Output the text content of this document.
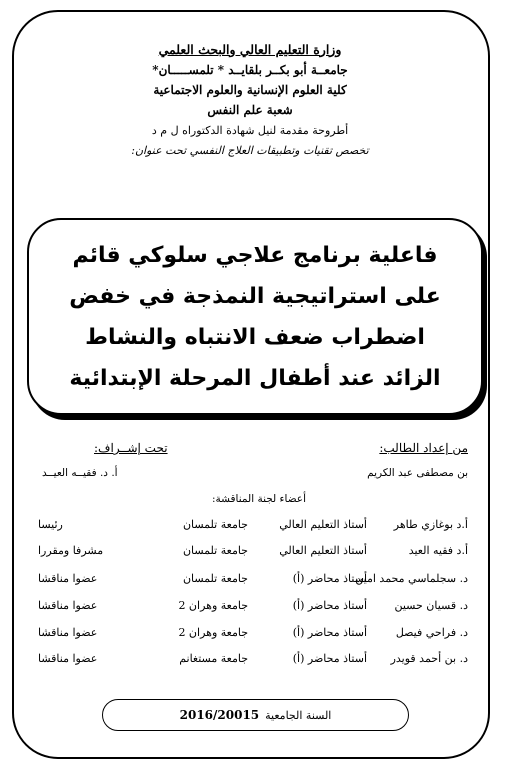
وزارة التعليم العالي والبحث العلمي
جامعــة أبو بكــر بلقايــد * تلمســـــان*
كلية العلوم الإنسانية والعلوم الاجتماعية
شعبة علم النفس
أطروحة مقدمة لنيل شهادة الدكتوراه ل م د
تخصص تقنيات وتطبيقات العلاج النفسي تحت عنوان:
فاعلية برنامج علاجي سلوكي قائم
على استراتيجية النمذجة في خفض
اضطراب ضعف الانتباه والنشاط
الزائد عند أطفال المرحلة الإبتدائية
من إعداد الطالب:
بن مصطفى عبد الكريم
تحت إشــراف:
أ. د. فقيــه العيــد
أعضاء لجنة المناقشة:
أ.د بوغازي طاهر
أستاذ التعليم العالي
جامعة تلمسان
رئيسا
أ.د فقيه العيد
أستاذ التعليم العالي
جامعة تلمسان
مشرفا ومقررا
د. سجلماسي محمد امين
أستاذ محاضر (أ)
جامعة تلمسان
عضوا مناقشا
د. قسيان حسين
أستاذ محاضر (أ)
جامعة وهران 2
عضوا مناقشا
د. فراحي فيصل
أستاذ محاضر (أ)
جامعة وهران 2
عضوا مناقشا
د. بن أحمد قويدر
أستاذ محاضر (أ)
جامعة مستغانم
عضوا مناقشا
السنة الجامعية
2016/20015
